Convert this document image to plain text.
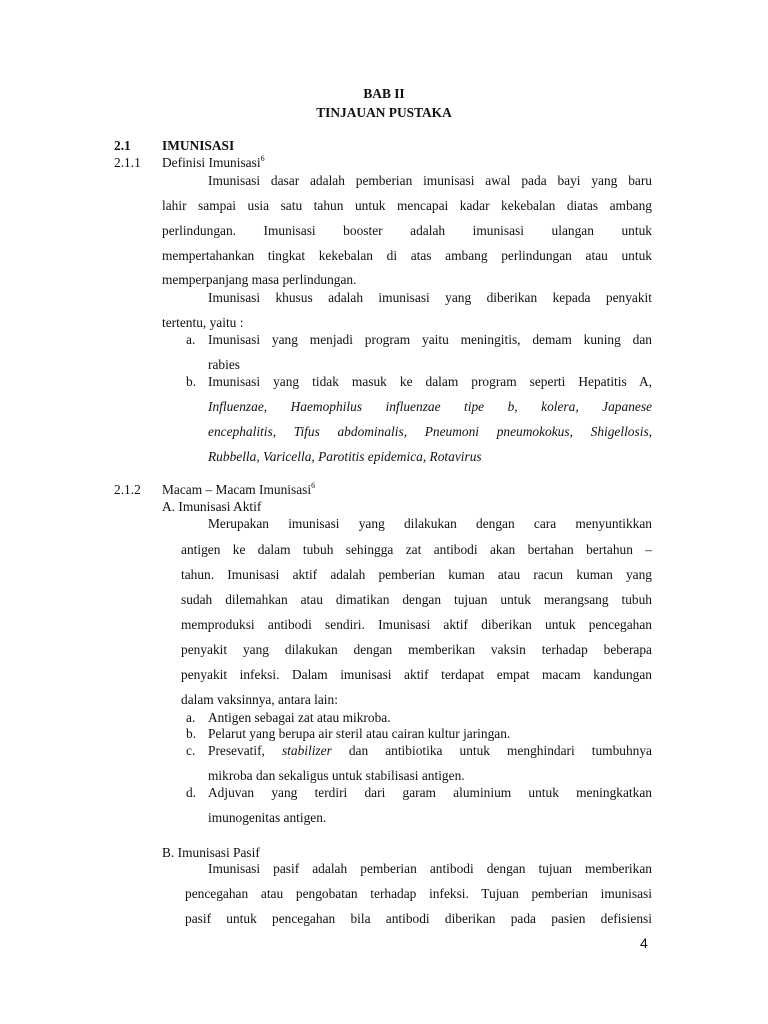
BAB II
TINJAUAN PUSTAKA
2.1 IMUNISASI
2.1.1 Definisi Imunisasi$^6$
Imunisasi dasar adalah pemberian imunisasi awal pada bayi yang baru
lahir sampai usia satu tahun untuk mencapai kadar kekebalan diatas ambang
perlindungan. Imunisasi booster adalah imunisasi ulangan untuk
mempertahankan tingkat kekebalan di atas ambang perlindungan atau untuk
memperpanjang masa perlindungan.
Imunisasi khusus adalah imunisasi yang diberikan kepada penyakit
tertentu, yaitu :
a. Imunisasi yang menjadi program yaitu meningitis, demam kuning dan
rabies
b. Imunisasi yang tidak masuk ke dalam program seperti Hepatitis A,
Influenzae, Haemophilus influenzae tipe b, kolera, Japanese
encephalitis, Tifus abdominalis, Pneumoni pneumokokus, Shigellosis,
Rubbella, Varicella, Parotitis epidemica, Rotavirus
2.1.2 Macam – Macam Imunisasi$^6$
A. Imunisasi Aktif
Merupakan imunisasi yang dilakukan dengan cara menyuntikkan
antigen ke dalam tubuh sehingga zat antibodi akan bertahan bertahun –
tahun. Imunisasi aktif adalah pemberian kuman atau racun kuman yang
sudah dilemahkan atau dimatikan dengan tujuan untuk merangsang tubuh
memproduksi antibodi sendiri. Imunisasi aktif diberikan untuk pencegahan
penyakit yang dilakukan dengan memberikan vaksin terhadap beberapa
penyakit infeksi. Dalam imunisasi aktif terdapat empat macam kandungan
dalam vaksinnya, antara lain:
a. Antigen sebagai zat atau mikroba.
b. Pelarut yang berupa air steril atau cairan kultur jaringan.
c. Presevatif, stabilizer dan antibiotika untuk menghindari tumbuhnya
mikroba dan sekaligus untuk stabilisasi antigen.
d. Adjuvan yang terdiri dari garam aluminium untuk meningkatkan
imunogenitas antigen.
B. Imunisasi Pasif
Imunisasi pasif adalah pemberian antibodi dengan tujuan memberikan
pencegahan atau pengobatan terhadap infeksi. Tujuan pemberian imunisasi
pasif untuk pencegahan bila antibodi diberikan pada pasien defisiensi
4
